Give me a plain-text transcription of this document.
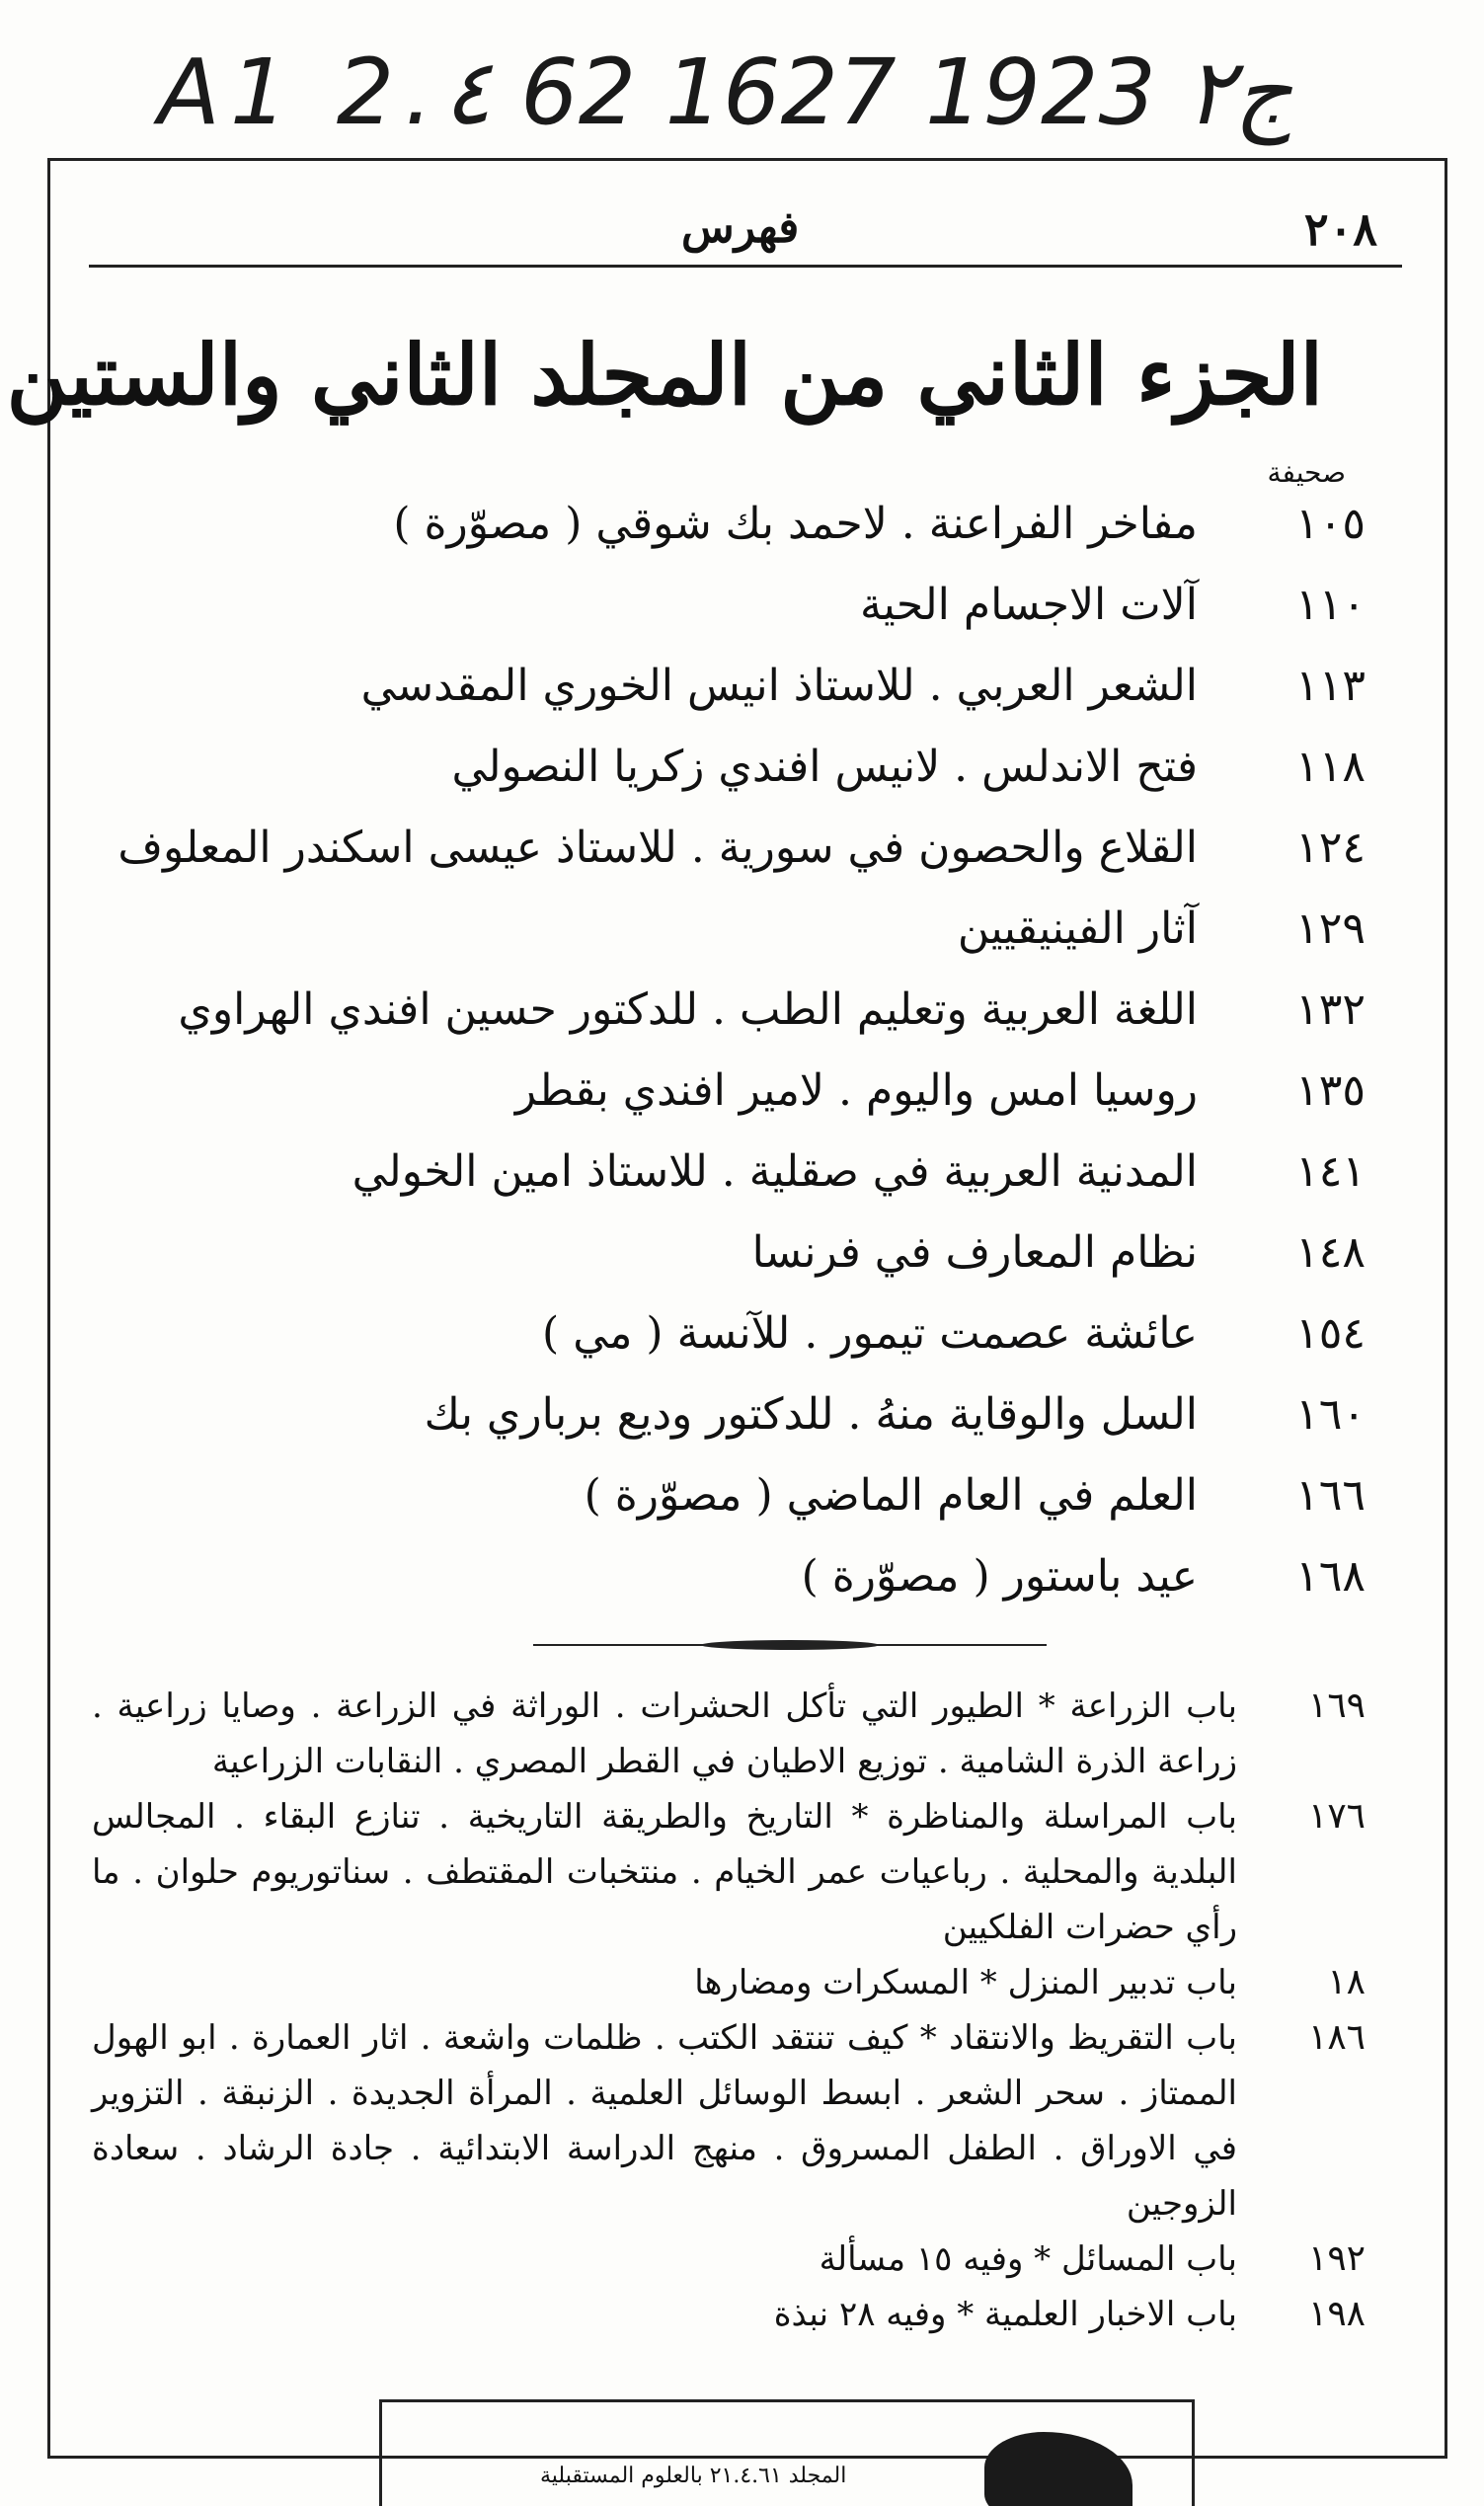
A1 2.٤ 62 ج٢ 1923 1627
٢٠٨
فهرس
الجزء الثاني من المجلد الثاني والستين
صحيفة
١٠٥
مفاخر الفراعنة . لاحمد بك شوقي ( مصوّرة )
١١٠
آلات الاجسام الحية
١١٣
الشعر العربي . للاستاذ انيس الخوري المقدسي
١١٨
فتح الاندلس . لانيس افندي زكريا النصولي
١٢٤
القلاع والحصون في سورية . للاستاذ عيسى اسكندر المعلوف
١٢٩
آثار الفينيقيين
١٣٢
اللغة العربية وتعليم الطب . للدكتور حسين افندي الهراوي
١٣٥
روسيا امس واليوم . لامير افندي بقطر
١٤١
المدنية العربية في صقلية . للاستاذ امين الخولي
١٤٨
نظام المعارف في فرنسا
١٥٤
عائشة عصمت تيمور . للآنسة ( مي )
١٦٠
السل والوقاية منهُ . للدكتور وديع برباري بك
١٦٦
العلم في العام الماضي ( مصوّرة )
١٦٨
عيد باستور ( مصوّرة )
١٦٩
باب الزراعة * الطيور التي تأكل الحشرات . الوراثة في الزراعة . وصايا زراعية . زراعة الذرة الشامية . توزيع الاطيان في القطر المصري . النقابات الزراعية
١٧٦
باب المراسلة والمناظرة * التاريخ والطريقة التاريخية . تنازع البقاء . المجالس البلدية والمحلية . رباعيات عمر الخيام . منتخبات المقتطف . سناتوريوم حلوان . ما رأي حضرات الفلكيين
١٨
باب تدبير المنزل * المسكرات ومضارها
١٨٦
باب التقريظ والانتقاد * كيف تنتقد الكتب . ظلمات واشعة . اثار العمارة . ابو الهول الممتاز . سحر الشعر . ابسط الوسائل العلمية . المرأة الجديدة . الزنبقة . التزوير في الاوراق . الطفل المسروق . منهج الدراسة الابتدائية . جادة الرشاد . سعادة الزوجين
١٩٢
باب المسائل * وفيه ١٥ مسألة
١٩٨
باب الاخبار العلمية * وفيه ٢٨ نبذة
المجلد ٢١.٤.٦١ بالعلوم المستقبلية
